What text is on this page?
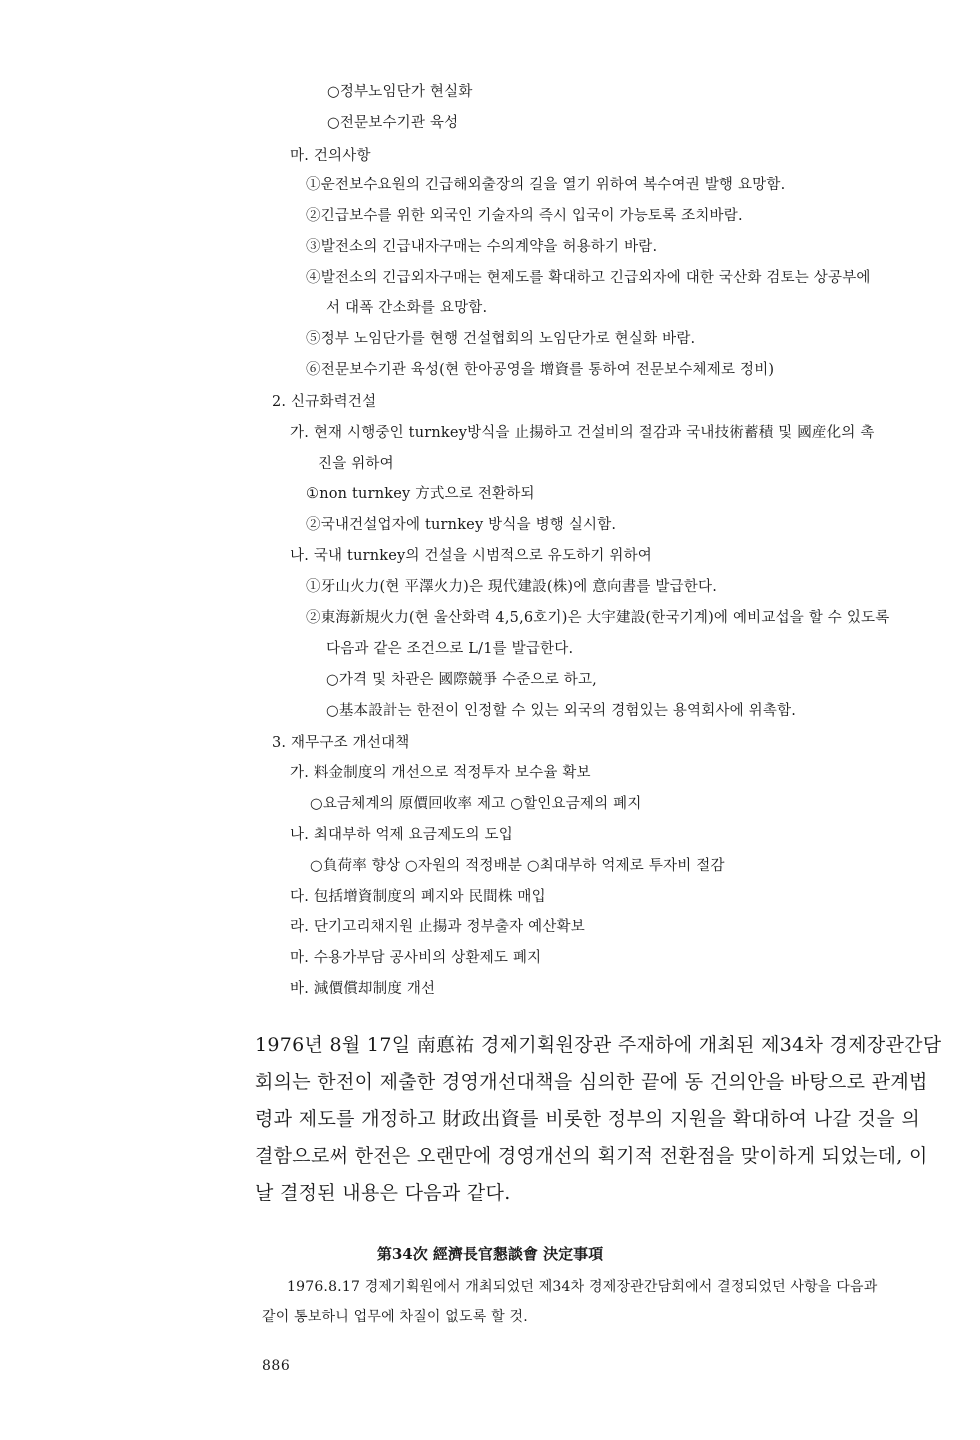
○정부노임단가 현실화
○전문보수기관 육성
마. 건의사항
①운전보수요원의 긴급해외출장의 길을 열기 위하여 복수여권 발행 요망함.
②긴급보수를 위한 외국인 기술자의 즉시 입국이 가능토록 조치바람.
③발전소의 긴급내자구매는 수의계약을 허용하기 바람.
④발전소의 긴급외자구매는 현제도를 확대하고 긴급외자에 대한 국산화 검토는 상공부에
서 대폭 간소화를 요망함.
⑤정부 노임단가를 현행 건설협회의 노임단가로 현실화 바람.
⑥전문보수기관 육성(현 한아공영을 增資를 통하여 전문보수체제로 정비)
2. 신규화력건설
가. 현재 시행중인 turnkey방식을 止揚하고 건설비의 절감과 국내技術蓄積 및 國産化의 촉
진을 위하여
①non turnkey 方式으로 전환하되
②국내건설업자에 turnkey 방식을 병행 실시함.
나. 국내 turnkey의 건설을 시범적으로 유도하기 위하여
①牙山火力(현 平澤火力)은 現代建設(株)에 意向書를 발급한다.
②東海新規火力(현 울산화력 4,5,6호기)은 大宇建設(한국기계)에 예비교섭을 할 수 있도록
다음과 같은 조건으로 L/1를 발급한다.
○가격 및 차관은 國際競爭 수준으로 하고,
○基本設計는 한전이 인정할 수 있는 외국의 경험있는 용역회사에 위촉함.
3. 재무구조 개선대책
가. 料金制度의 개선으로 적정투자 보수율 확보
○요금체계의 原價回收率 제고 ○할인요금제의 폐지
나. 최대부하 억제 요금제도의 도입
○負荷率 향상 ○자원의 적정배분 ○최대부하 억제로 투자비 절감
다. 包括增資制度의 폐지와 民間株 매입
라. 단기고리채지원 止揚과 정부출자 예산확보
마. 수용가부담 공사비의 상환제도 폐지
바. 減價償却制度 개선
1976년 8월 17일 南悳祐 경제기획원장관 주재하에 개최된 제34차 경제장관간담
회의는 한전이 제출한 경영개선대책을 심의한 끝에 동 건의안을 바탕으로 관계법
령과 제도를 개정하고 財政出資를 비롯한 정부의 지원을 확대하여 나갈 것을 의
결함으로써 한전은 오랜만에 경영개선의 획기적 전환점을 맞이하게 되었는데, 이
날 결정된 내용은 다음과 같다.
第34次 經濟長官懇談會 決定事項
1976.8.17 경제기획원에서 개최되었던 제34차 경제장관간담회에서 결정되었던 사항을 다음과
같이 통보하니 업무에 차질이 없도록 할 것.
886
